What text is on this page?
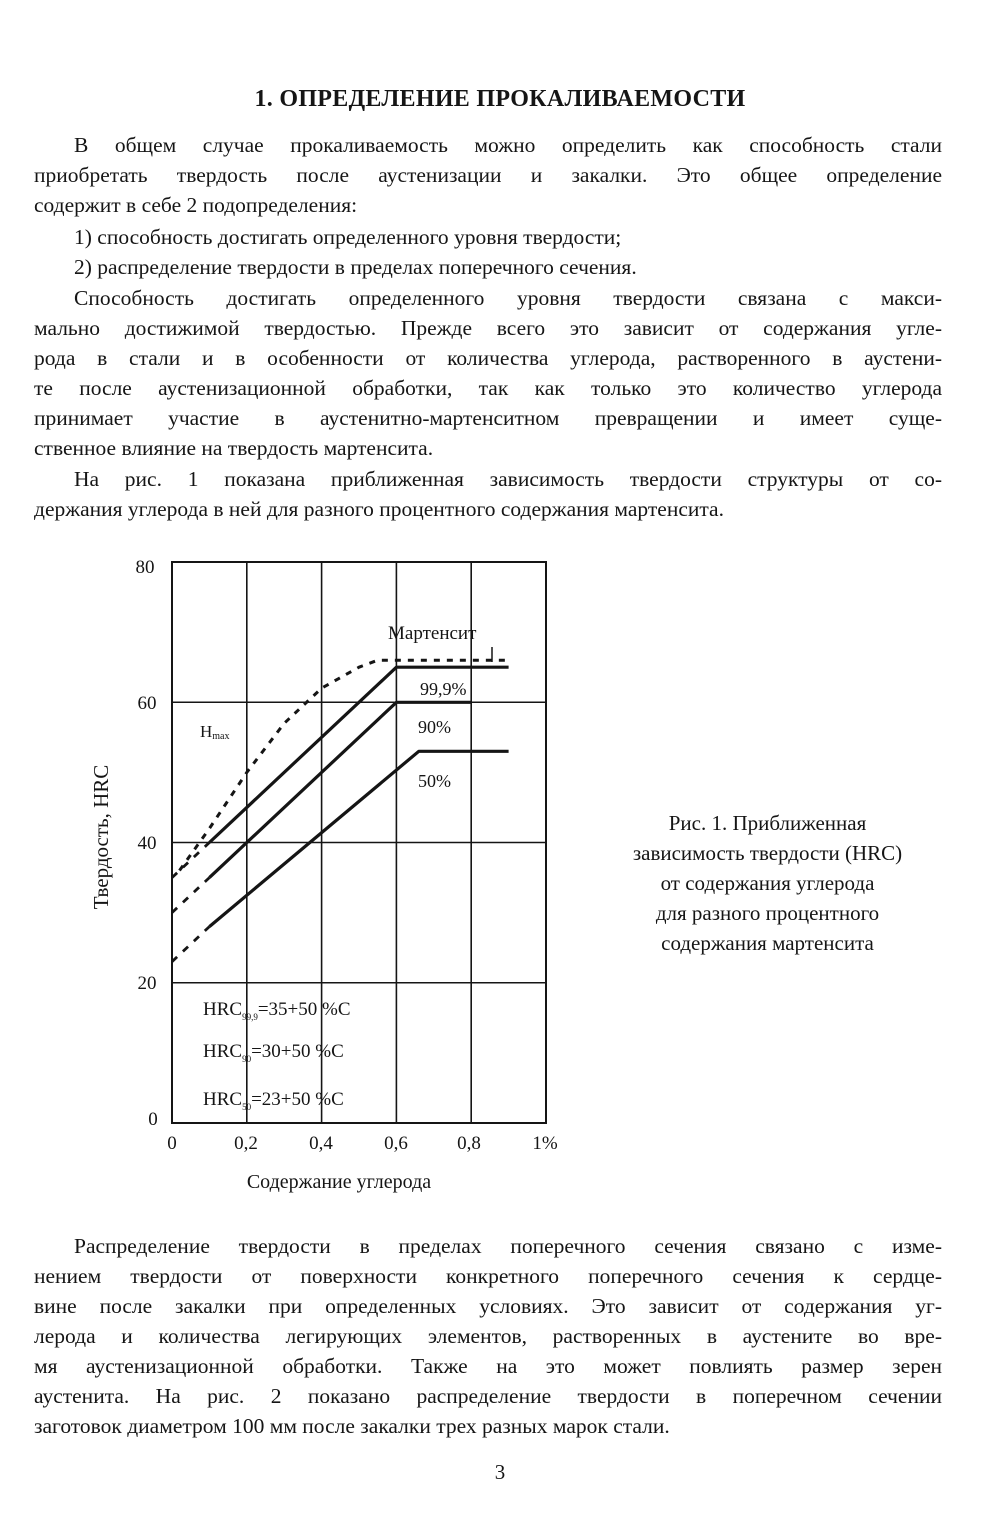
1. ОПРЕДЕЛЕНИЕ ПРОКАЛИВАЕМОСТИ

В общем случае прокаливаемость можно определить как способность стали
приобретать твердость после аустенизации и закалки. Это общее определение
содержит в себе 2 подопределения:

1) способность достигать определенного уровня твердости;
2) распределение твердости в пределах поперечного сечения.

Способность достигать определенного уровня твердости связана с макси-
мально достижимой твердостью. Прежде всего это зависит от содержания угле-
рода в стали и в особенности от количества углерода, растворенного в аустени-
те после аустенизационной обработки, так как только это количество углерода
принимает участие в аустенитно-мартенситном превращении и имеет суще-
ственное влияние на твердость мартенсита.

На рис. 1 показана приближенная зависимость твердости структуры от со-
держания углерода в ней для разного процентного содержания мартенсита.

Твердость, HRC
Содержание углерода
80
60
40
20
0
0	0,2	0,4	0,6	0,8	1%
Мартенсит
99,9%
90%
50%
Hmax
$HRC_{99,9}=35+50$ %C
$HRC_{90}=30+50$ %C
$HRC_{50}=23+50$ %C
Рис. 1. Приближенная
зависимость твердости (HRC)
от содержания углерода
для разного процентного
содержания мартенсита

Распределение твердости в пределах поперечного сечения связано с изме-
нением твердости от поверхности конкретного поперечного сечения к сердце-
вине после закалки при определенных условиях. Это зависит от содержания уг-
лерода и количества легирующих элементов, растворенных в аустените во вре-
мя аустенизационной обработки. Также на это может повлиять размер зерен
аустенита. На рис. 2 показано распределение твердости в поперечном сечении
заготовок диаметром 100 мм после закалки трех разных марок стали.

3
